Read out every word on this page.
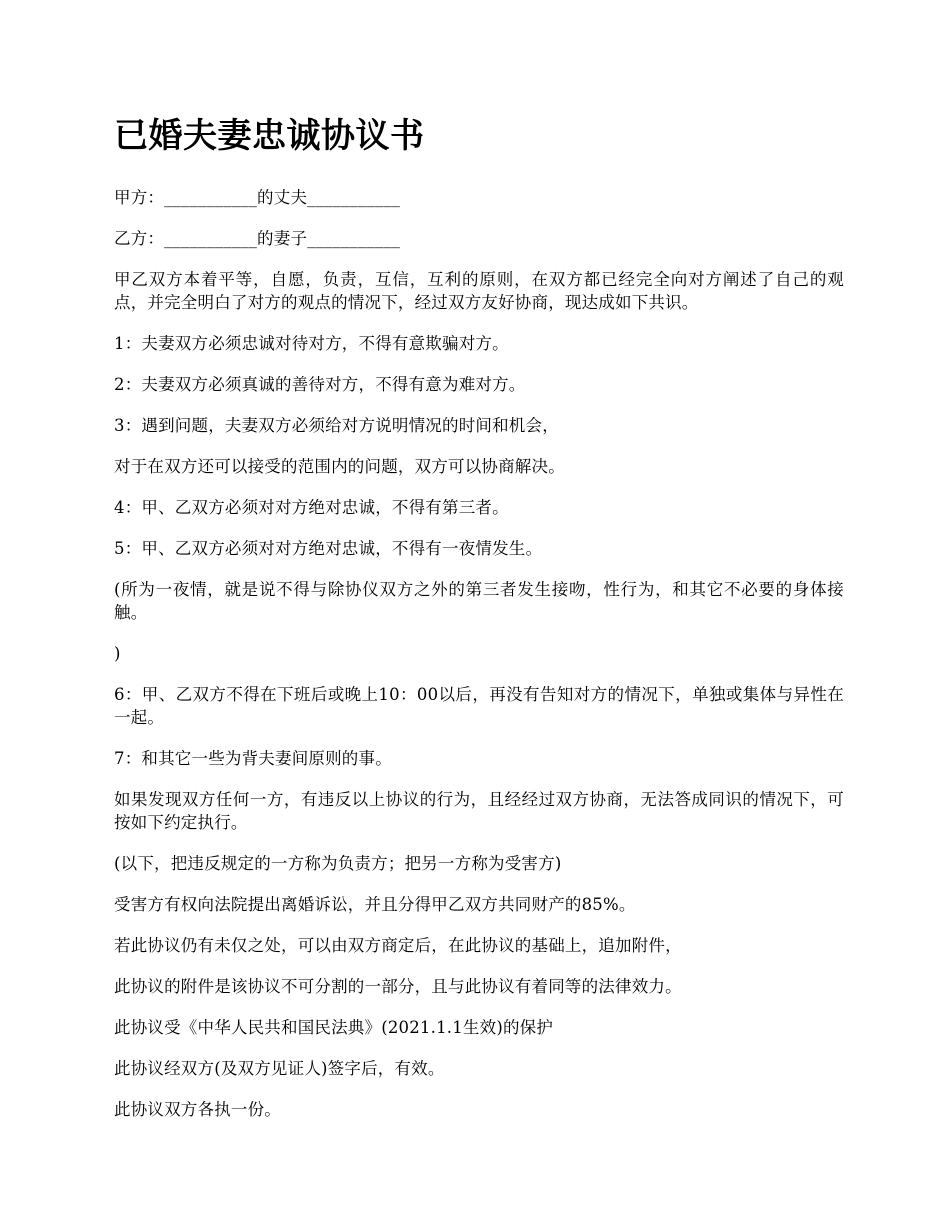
已婚夫妻忠诚协议书

甲方：___________的丈夫___________

乙方：___________的妻子___________

甲乙双方本着平等，自愿，负责，互信，互利的原则，在双方都已经完全向对方阐述了自己的观点，并完全明白了对方的观点的情况下，经过双方友好协商，现达成如下共识。

1：夫妻双方必须忠诚对待对方，不得有意欺骗对方。

2：夫妻双方必须真诚的善待对方，不得有意为难对方。

3：遇到问题，夫妻双方必须给对方说明情况的时间和机会，

对于在双方还可以接受的范围内的问题，双方可以协商解决。

4：甲、乙双方必须对对方绝对忠诚，不得有第三者。

5：甲、乙双方必须对对方绝对忠诚，不得有一夜情发生。

(所为一夜情，就是说不得与除协仪双方之外的第三者发生接吻，性行为，和其它不必要的身体接触。

)

6：甲、乙双方不得在下班后或晚上10：00以后，再没有告知对方的情况下，单独或集体与异性在一起。

7：和其它一些为背夫妻间原则的事。

如果发现双方任何一方，有违反以上协议的行为，且经经过双方协商，无法答成同识的情况下，可按如下约定执行。

(以下，把违反规定的一方称为负责方；把另一方称为受害方)

受害方有权向法院提出离婚诉讼，并且分得甲乙双方共同财产的85%。

若此协议仍有未仅之处，可以由双方商定后，在此协议的基础上，追加附件，

此协议的附件是该协议不可分割的一部分，且与此协议有着同等的法律效力。

此协议受《中华人民共和国民法典》(2021.1.1生效)的保护

此协议经双方(及双方见证人)签字后，有效。

此协议双方各执一份。
